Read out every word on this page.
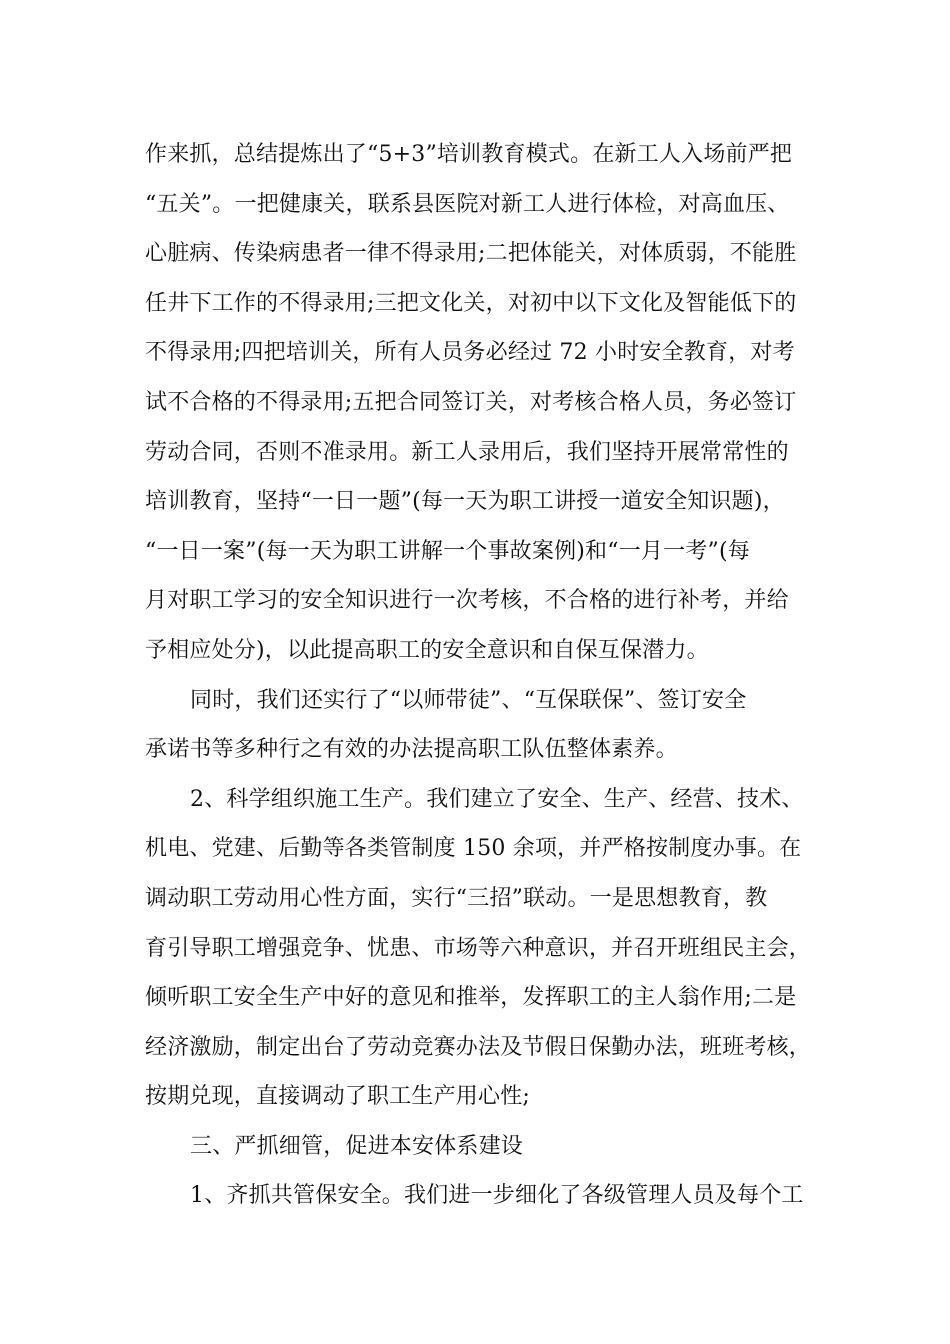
作来抓，总结提炼出了“5+3”培训教育模式。在新工人入场前严把
“五关”。一把健康关，联系县医院对新工人进行体检，对高血压、
心脏病、传染病患者一律不得录用;二把体能关，对体质弱，不能胜
任井下工作的不得录用;三把文化关，对初中以下文化及智能低下的
不得录用;四把培训关，所有人员务必经过 72 小时安全教育，对考
试不合格的不得录用;五把合同签订关，对考核合格人员，务必签订
劳动合同，否则不准录用。新工人录用后，我们坚持开展常常性的
培训教育，坚持“一日一题”(每一天为职工讲授一道安全知识题)，
“一日一案”(每一天为职工讲解一个事故案例)和“一月一考”(每
月对职工学习的安全知识进行一次考核，不合格的进行补考，并给
予相应处分)，以此提高职工的安全意识和自保互保潜力。
同时，我们还实行了“以师带徒”、“互保联保”、签订安全
承诺书等多种行之有效的办法提高职工队伍整体素养。
2、科学组织施工生产。我们建立了安全、生产、经营、技术、
机电、党建、后勤等各类管制度 150 余项，并严格按制度办事。在
调动职工劳动用心性方面，实行“三招”联动。一是思想教育，教
育引导职工增强竞争、忧患、市场等六种意识，并召开班组民主会，
倾听职工安全生产中好的意见和推举，发挥职工的主人翁作用;二是
经济激励，制定出台了劳动竞赛办法及节假日保勤办法，班班考核，
按期兑现，直接调动了职工生产用心性;
三、严抓细管，促进本安体系建设
1、齐抓共管保安全。我们进一步细化了各级管理人员及每个工
